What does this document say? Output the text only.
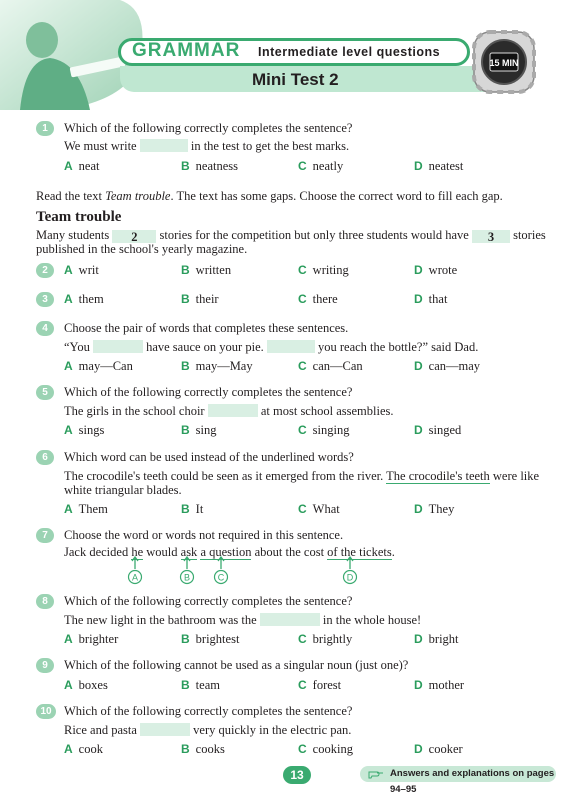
GRAMMAR Intermediate level questions
Mini Test 2
15 MIN
1	Which of the following correctly completes the sentence?
We must write	in the test to get the best marks.
A neat	B neatness	C neatly	D neatest
Read the text Team trouble. The text has some gaps. Choose the correct word to fill each gap.
Team trouble
Many students 2 stories for the competition but only three students would have 3 stories
published in the school's yearly magazine.
2	A writ	B written	C writing	D wrote
3	A them	B their	C there	D that
4	Choose the pair of words that completes these sentences.
“You	have sauce on your pie.	you reach the bottle?” said Dad.
A may—Can	B may—May	C can—Can	D can—may
5	Which of the following correctly completes the sentence?
The girls in the school choir	at most school assemblies.
A sings	B sing	C singing	D singed
6	Which word can be used instead of the underlined words?
The crocodile's teeth could be seen as it emerged from the river. The crocodile's teeth were like
white triangular blades.
A Them	B It	C What	D They
7	Choose the word or words not required in this sentence.
Jack decided he would ask a question about the cost of the tickets.
A	B	C	D
8	Which of the following correctly completes the sentence?
The new light in the bathroom was the	in the whole house!
A brighter	B brightest	C brightly	D bright
9	Which of the following cannot be used as a singular noun (just one)?
A boxes	B team	C forest	D mother
10 Which of the following correctly completes the sentence?
Rice and pasta	very quickly in the electric pan.
A cook	B cooks	C cooking	D cooker
13	Answers and explanations on pages 94–95
